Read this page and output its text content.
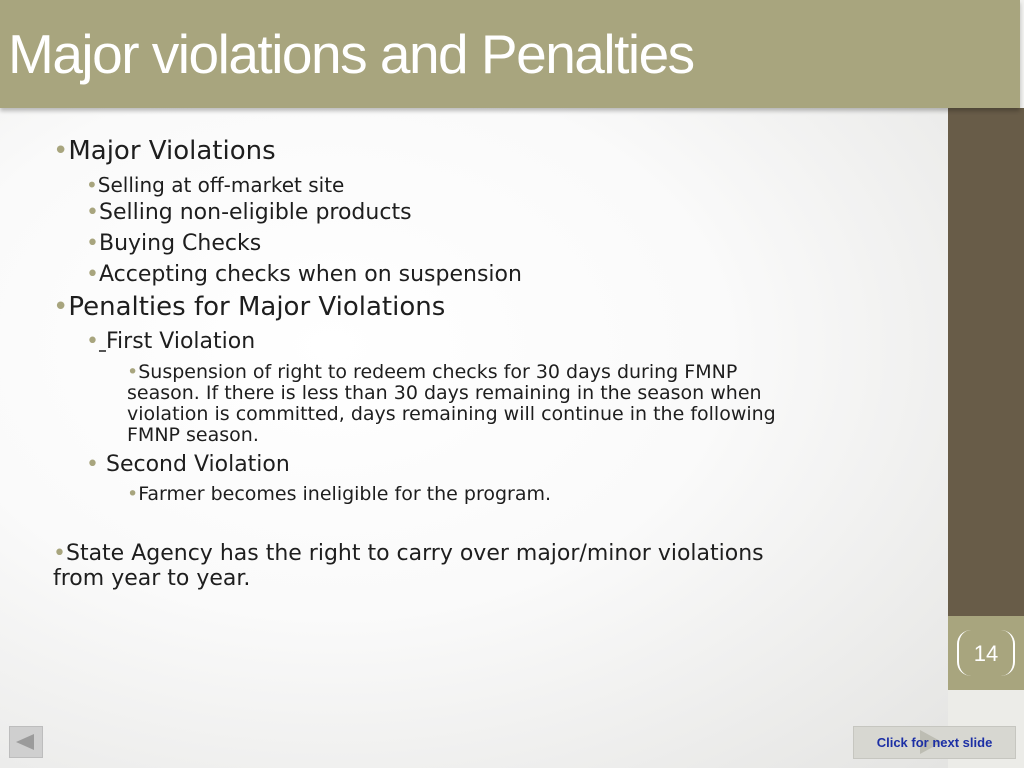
Major violations and Penalties
14
•Major Violations
•Selling at off-market site
•Selling non-eligible products
•Buying Checks
•Accepting checks when on suspension
•Penalties for Major Violations
• First Violation
•Suspension of right to redeem checks for 30 days during FMNP
season. If there is less than 30 days remaining in the season when
violation is committed, days remaining will continue in the following
FMNP season.
• Second Violation
•Farmer becomes ineligible for the program.
•State Agency has the right to carry over major/minor violations
from year to year.
Click for next slide
